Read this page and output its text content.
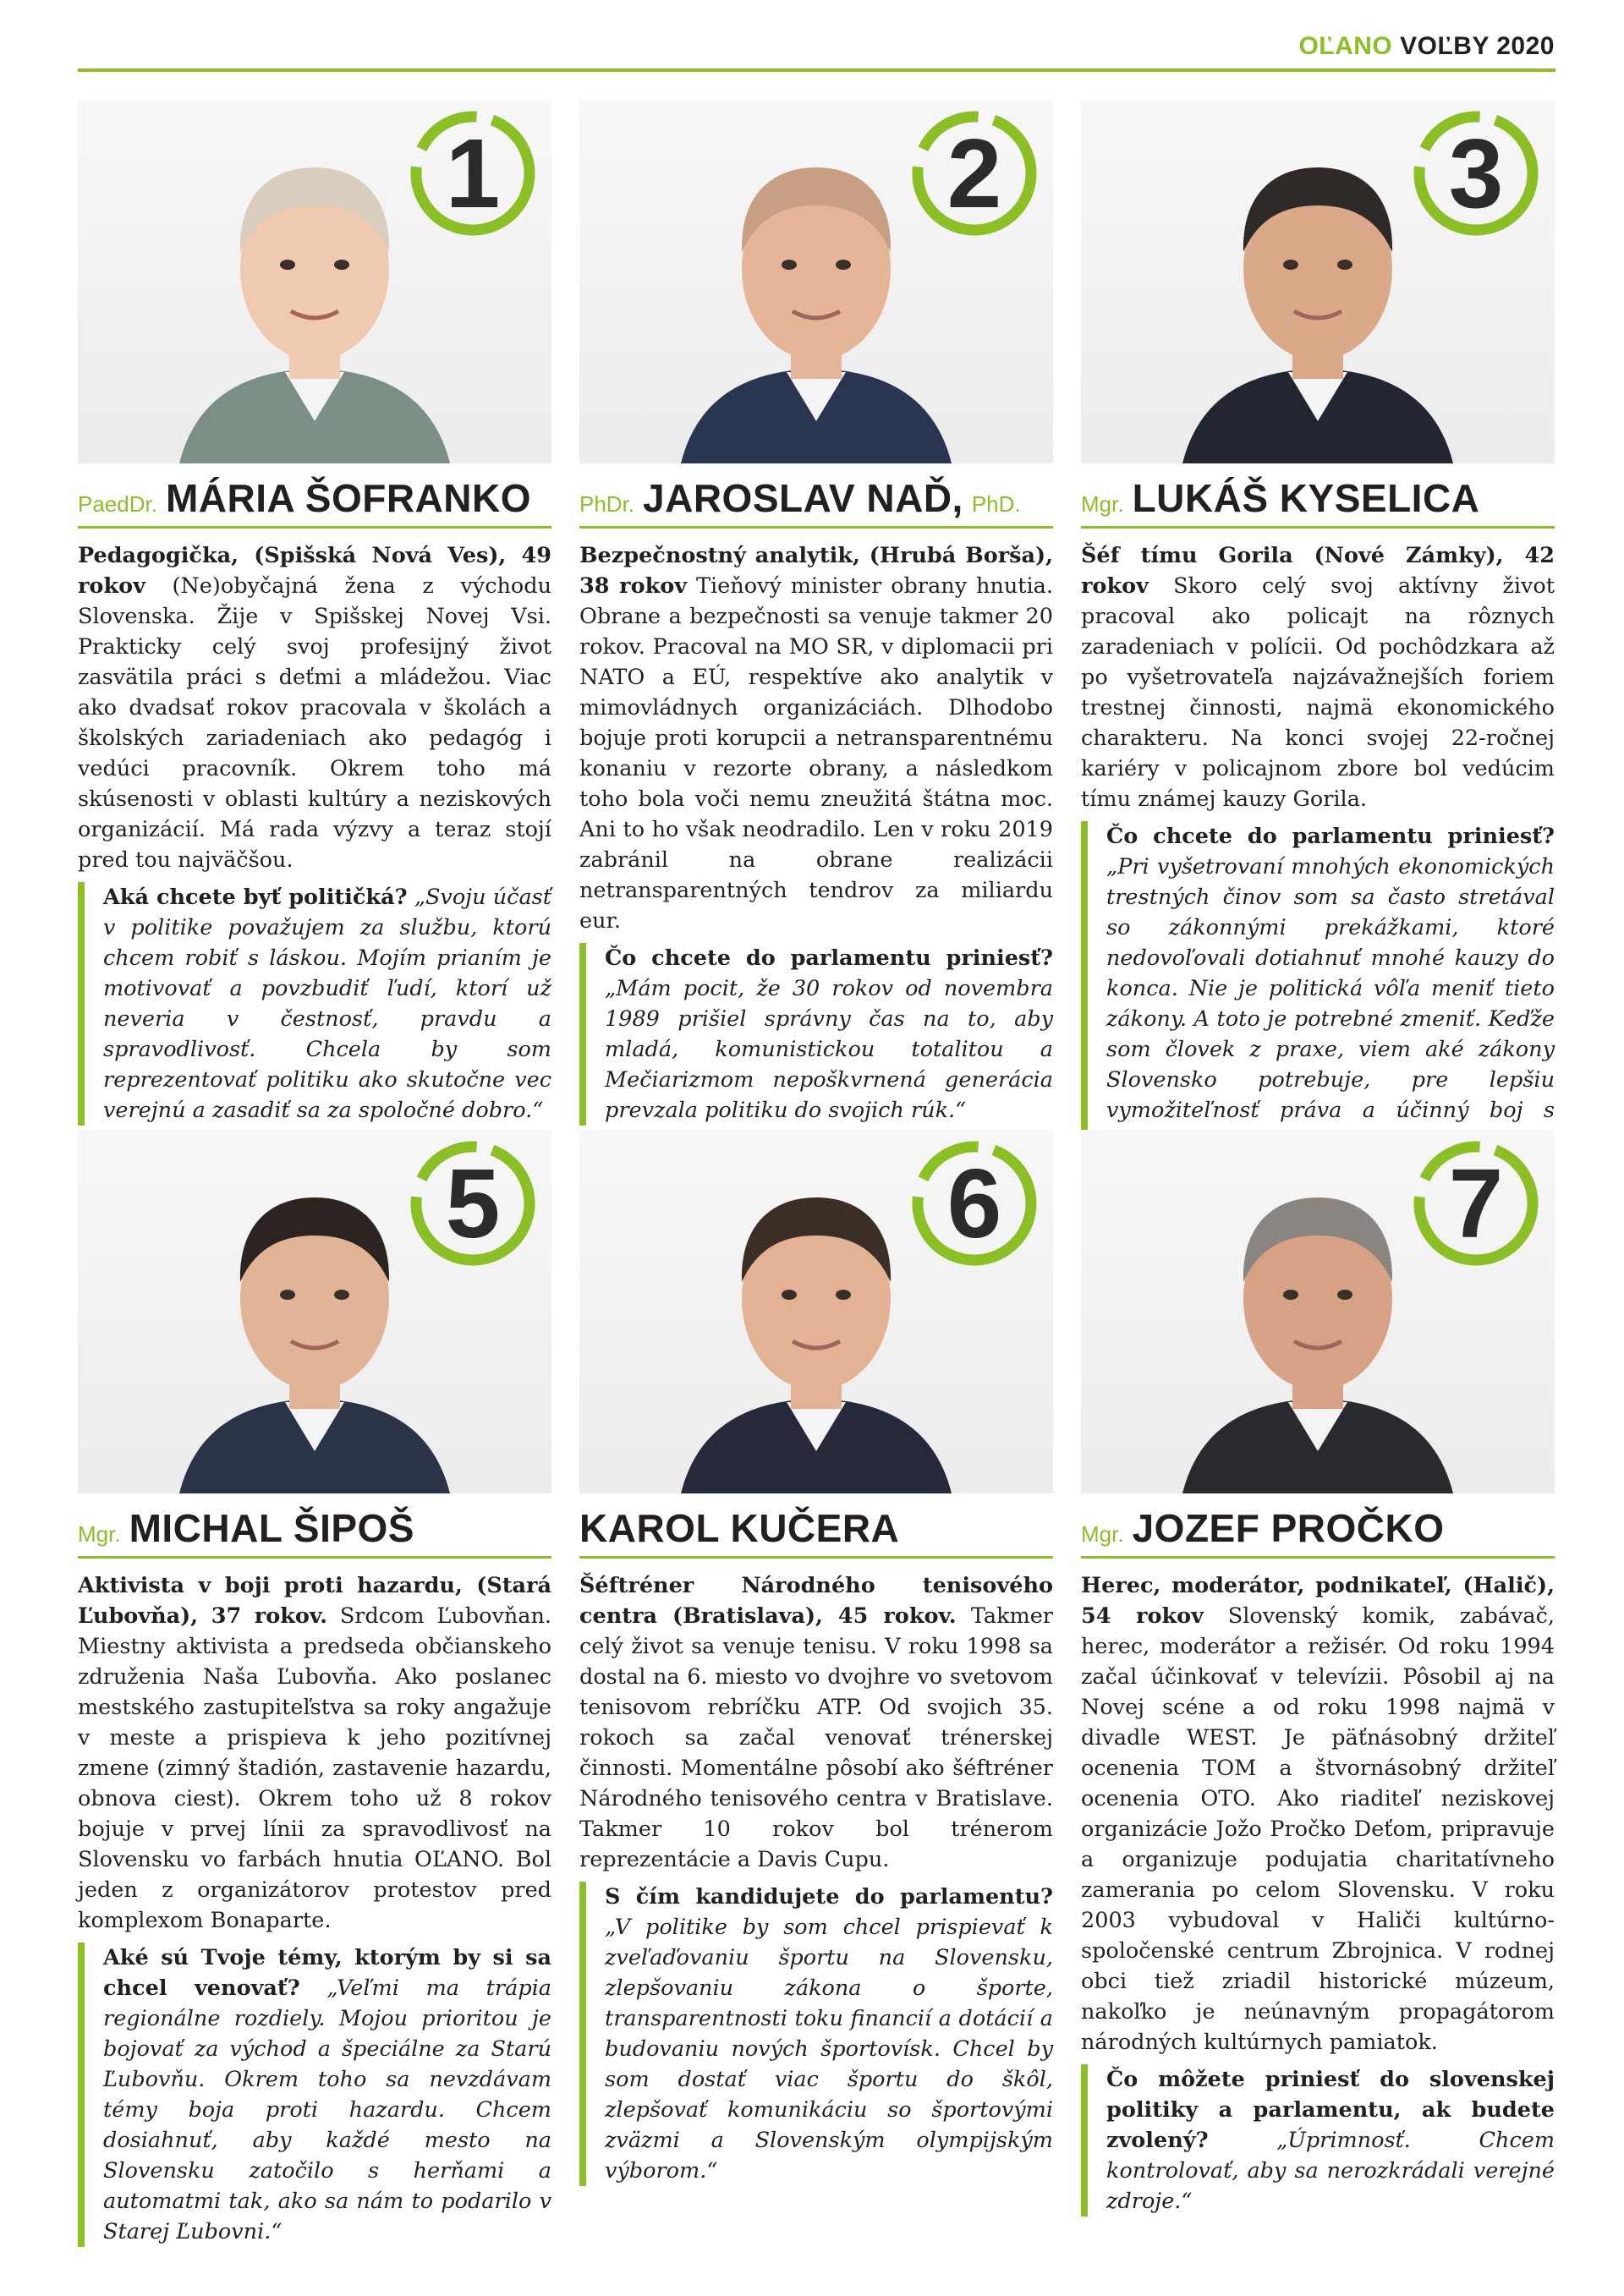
OĽANO VOĽBY 2020
1
PaedDr. MÁRIA ŠOFRANKO
Pedagogička, (Spišská Nová Ves), 49 rokov (Ne)obyčajná žena z východu Slovenska. Žije v Spišskej Novej Vsi. Prakticky celý svoj profesijný život zasvätila práci s deťmi a mládežou. Viac ako dvadsať rokov pracovala v školách a školských zariadeniach ako pedagóg i vedúci pracovník. Okrem toho má skúsenosti v oblasti kultúry a neziskových organizácií. Má rada výzvy a teraz stojí pred tou najväčšou.
Aká chcete byť političká? „Svoju účasť v politike považujem za službu, ktorú chcem robiť s láskou. Mojím prianím je motivovať a povzbudiť ľudí, ktorí už neveria v čestnosť, pravdu a spravodlivosť. Chcela by som reprezentovať politiku ako skutočne vec verejnú a zasadiť sa za spoločné dobro.“
2
PhDr. JAROSLAV NAĎ, PhD.
Bezpečnostný analytik, (Hrubá Borša), 38 rokov Tieňový minister obrany hnutia. Obrane a bezpečnosti sa venuje takmer 20 rokov. Pracoval na MO SR, v diplomacii pri NATO a EÚ, respektíve ako analytik v mimovládnych organizáciách. Dlhodobo bojuje proti korupcii a netransparentnému konaniu v rezorte obrany, a následkom toho bola voči nemu zneužitá štátna moc. Ani to ho však neodradilo. Len v roku 2019 zabránil na obrane realizácii netransparentných tendrov za miliardu eur.
Čo chcete do parlamentu priniesť? „Mám pocit, že 30 rokov od novembra 1989 prišiel správny čas na to, aby mladá, komunistickou totalitou a Mečiarizmom nepoškvrnená generácia prevzala politiku do svojich rúk.“
3
Mgr. LUKÁŠ KYSELICA
Šéf tímu Gorila (Nové Zámky), 42 rokov Skoro celý svoj aktívny život pracoval ako policajt na rôznych zaradeniach v polícii. Od pochôdzkara až po vyšetrovateľa najzávažnejších foriem trestnej činnosti, najmä ekonomického charakteru. Na konci svojej 22-ročnej kariéry v policajnom zbore bol vedúcim tímu známej kauzy Gorila.
Čo chcete do parlamentu priniesť? „Pri vyšetrovaní mnohých ekonomických trestných činov som sa často stretával so zákonnými prekážkami, ktoré nedovoľovali dotiahnuť mnohé kauzy do konca. Nie je politická vôľa meniť tieto zákony. A toto je potrebné zmeniť. Keďže som človek z praxe, viem aké zákony Slovensko potrebuje, pre lepšiu vymožiteľnosť práva a účinný boj s
5
Mgr. MICHAL ŠIPOŠ
Aktivista v boji proti hazardu, (Stará Ľubovňa), 37 rokov. Srdcom Ľubovňan. Miestny aktivista a predseda občianskeho združenia Naša Ľubovňa. Ako poslanec mestského zastupiteľstva sa roky angažuje v meste a prispieva k jeho pozitívnej zmene (zimný štadión, zastavenie hazardu, obnova ciest). Okrem toho už 8 rokov bojuje v prvej línii za spravodlivosť na Slovensku vo farbách hnutia OĽANO. Bol jeden z organizátorov protestov pred komplexom Bonaparte.
Aké sú Tvoje témy, ktorým by si sa chcel venovať? „Veľmi ma trápia regionálne rozdiely. Mojou prioritou je bojovať za východ a špeciálne za Starú Ľubovňu. Okrem toho sa nevzdávam témy boja proti hazardu. Chcem dosiahnuť, aby každé mesto na Slovensku zatočilo s herňami a automatmi tak, ako sa nám to podarilo v Starej Ľubovni.“
6
KAROL KUČERA
Šéftréner Národného tenisového centra (Bratislava), 45 rokov. Takmer celý život sa venuje tenisu. V roku 1998 sa dostal na 6. miesto vo dvojhre vo svetovom tenisovom rebríčku ATP. Od svojich 35. rokoch sa začal venovať trénerskej činnosti. Momentálne pôsobí ako šéftréner Národného tenisového centra v Bratislave. Takmer 10 rokov bol trénerom reprezentácie a Davis Cupu.
S čím kandidujete do parlamentu? „V politike by som chcel prispievať k zveľaďovaniu športu na Slovensku, zlepšovaniu zákona o športe, transparentnosti toku financií a dotácií a budovaniu nových športovísk. Chcel by som dostať viac športu do škôl, zlepšovať komunikáciu so športovými zväzmi a Slovenským olympijským výborom.“
7
Mgr. JOZEF PROČKO
Herec, moderátor, podnikateľ, (Halič), 54 rokov Slovenský komik, zabávač, herec, moderátor a režisér. Od roku 1994 začal účinkovať v televízii. Pôsobil aj na Novej scéne a od roku 1998 najmä v divadle WEST. Je päťnásobný držiteľ ocenenia TOM a štvornásobný držiteľ ocenenia OTO. Ako riaditeľ neziskovej organizácie Jožo Pročko Deťom, pripravuje a organizuje podujatia charitatívneho zamerania po celom Slovensku. V roku 2003 vybudoval v Haliči kultúrno-spoločenské centrum Zbrojnica. V rodnej obci tiež zriadil historické múzeum, nakoľko je neúnavným propagátorom národných kultúrnych pamiatok.
Čo môžete priniesť do slovenskej politiky a parlamentu, ak budete zvolený? „Úprimnosť. Chcem kontrolovať, aby sa nerozkrádali verejné zdroje.“
